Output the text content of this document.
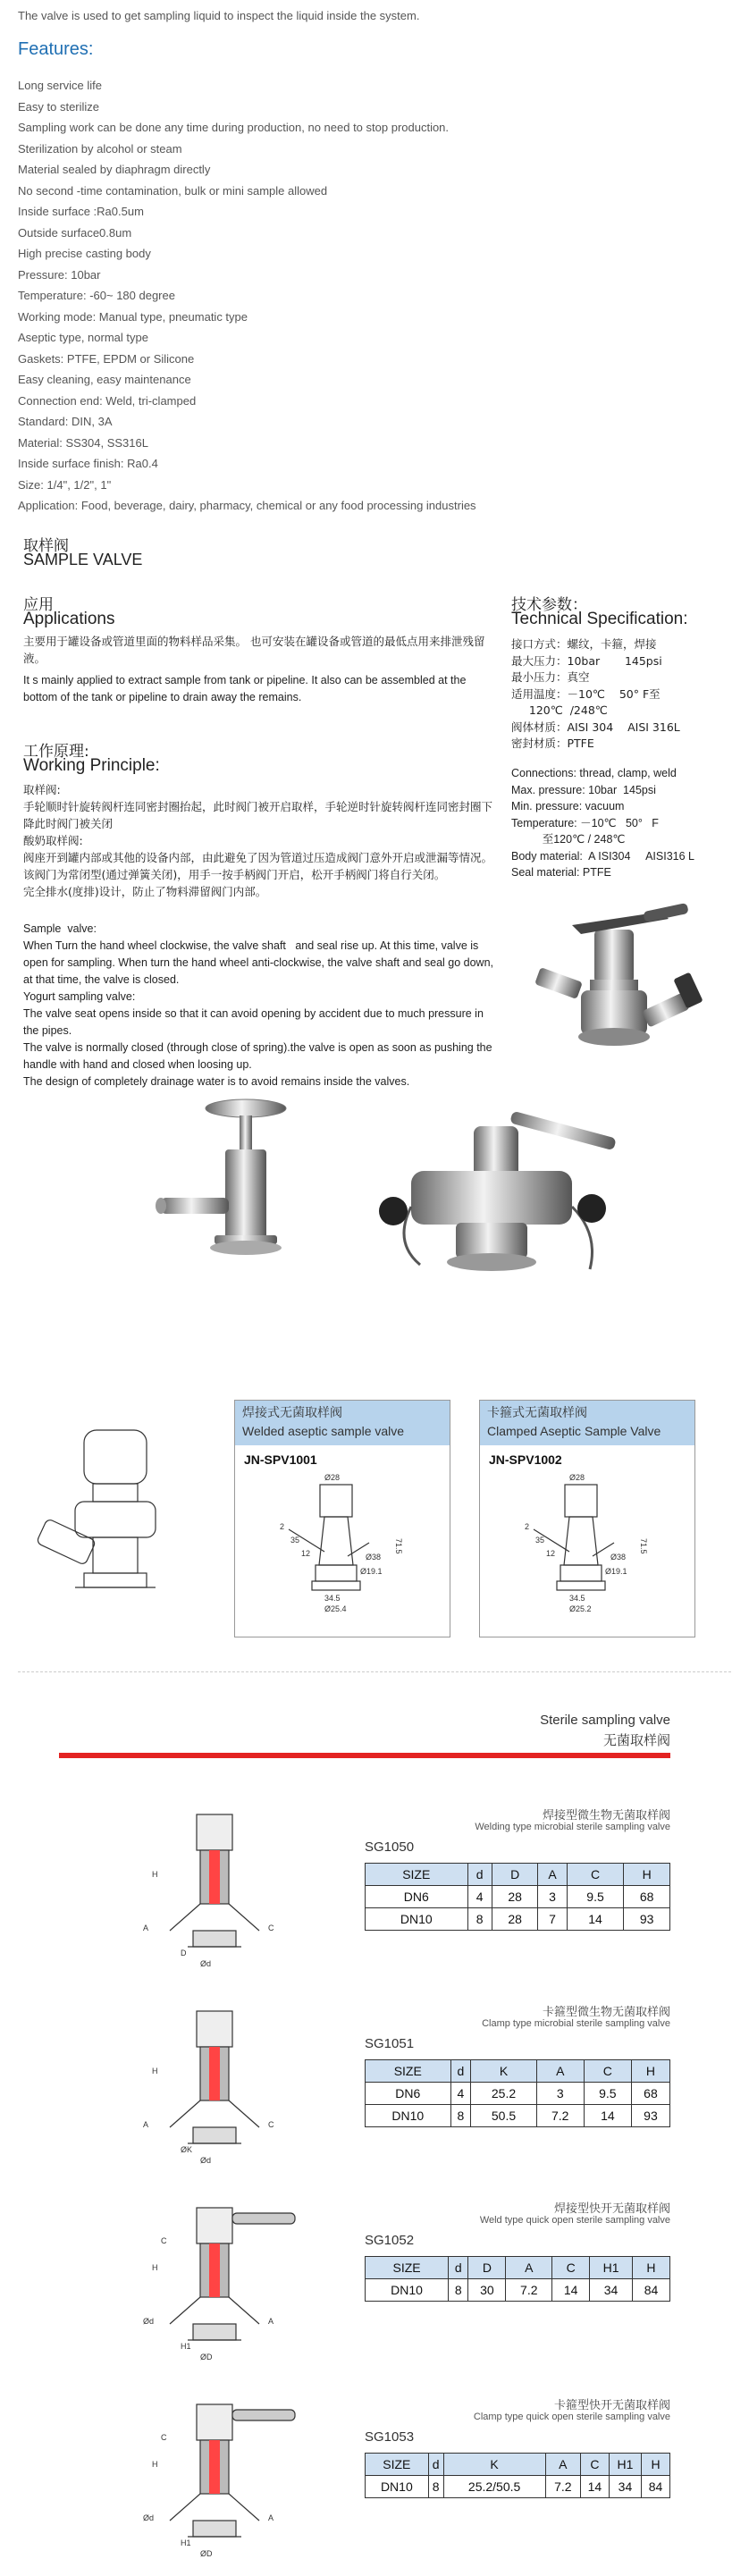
The valve is used to get sampling liquid to inspect the liquid inside the system.
Features:
Long service life
Easy to sterilize
Sampling work can be done any time during production, no need to stop production.
Sterilization by alcohol or steam
Material sealed by diaphragm directly
No second -time contamination, bulk or mini sample allowed
Inside surface :Ra0.5um
Outside surface0.8um
High precise casting body
Pressure: 10bar
Temperature: -60~ 180 degree
Working mode: Manual type, pneumatic type
Aseptic type, normal type
Gaskets: PTFE, EPDM or Silicone
Easy cleaning, easy maintenance
Connection end: Weld, tri-clamped
Standard: DIN, 3A
Material: SS304, SS316L
Inside surface finish: Ra0.4
Size: 1/4", 1/2", 1"
Application: Food, beverage, dairy, pharmacy, chemical or any food processing industries
取样阀
SAMPLE VALVE
应用
Applications
主要用于罐设备或管道里面的物料样品采集。 也可安装在罐设备或管道的最低点用来排泄残留液。
It s mainly applied to extract sample from tank or pipeline. It also can be assembled at the bottom of the tank or pipeline to drain away the remains.
工作原理:
Working Principle:

取样阀:

手轮顺时针旋转阀杆连同密封圈抬起，此时阀门被开启取样，手轮逆时针旋转阀杆连同密封圈下降此时阀门被关闭

酸奶取样阀:

阀座开到罐内部或其他的设备内部，由此避免了因为管道过压造成阀门意外开启或泄漏等情况。

该阀门为常闭型(通过弹簧关闭)，用手一按手柄阀门开启，松开手柄阀门将自行关闭。

完全排水(度排)设计，防止了物料滞留阀门内部。

Sample  valve:

When Turn the hand wheel clockwise, the valve shaft   and seal rise up. At this time, valve is open for sampling. When turn the hand wheel anti-clockwise, the valve shaft and seal go down, at that time, the valve is closed.

Yogurt sampling valve:

The valve seat opens inside so that it can avoid opening by accident due to much pressure in the pipes.

The valve is normally closed (through close of spring).the valve is open as soon as pushing the handle with hand and closed when loosing up.

The design of completely drainage water is to avoid remains inside the valves.

技术参数：
Technical Specification:

接口方式：螺纹，卡箍，焊接

最大压力：10bar       145psi

最小压力：真空

适用温度：－10℃    50° F至

120℃  /248℃

阀体材质：AISI 304    AISI 316L

密封材质：PTFE

Connections: thread, clamp, weld

Max. pressure: 10bar  145psi

Min. pressure: vacuum

Temperature: －10℃   50°   F

至120℃ / 248℃

Body material:  A ISI304     AISI316 L

Seal material: PTFE

焊接式无菌取样阀
Welded aseptic sample valve
JN-SPV1001
Ø28
71.5
Ø19.1
Ø38
34.5
Ø25.4
2
35
12
卡箍式无菌取样阀
Clamped Aseptic Sample Valve
JN-SPV1002
Ø28
71.5
Ø19.1
Ø38
34.5
Ø25.2
2
35
12
Sterile sampling valve
无菌取样阀
焊接型微生物无菌取样阀
Welding type microbial sterile sampling valve
SG1050
SIZE	d	D	A	C	H
DN6	4	28	3	9.5	68
DN10	8	28	7	14	93
H
D
Ød
A	C
卡箍型微生物无菌取样阀
Clamp type microbial sterile sampling valve
SG1051
SIZE	d	K	A	C	H
DN6	4	25.2	3	9.5	68
DN10	8	50.5	7.2	14	93
H
ØK
Ød
A	C
焊接型快开无菌取样阀
Weld type quick open sterile sampling valve
SG1052
SIZE	d	D	A	C	H1	H
DN10	8	30	7.2	14	34	84
H
H1
ØD
Ød	A
C
卡箍型快开无菌取样阀
Clamp type quick open sterile sampling valve
SG1053
SIZE	d	K	A	C	H1	H
DN10	8	25.2/50.5	7.2	14	34	84
H
H1
ØD
Ød	A
C
